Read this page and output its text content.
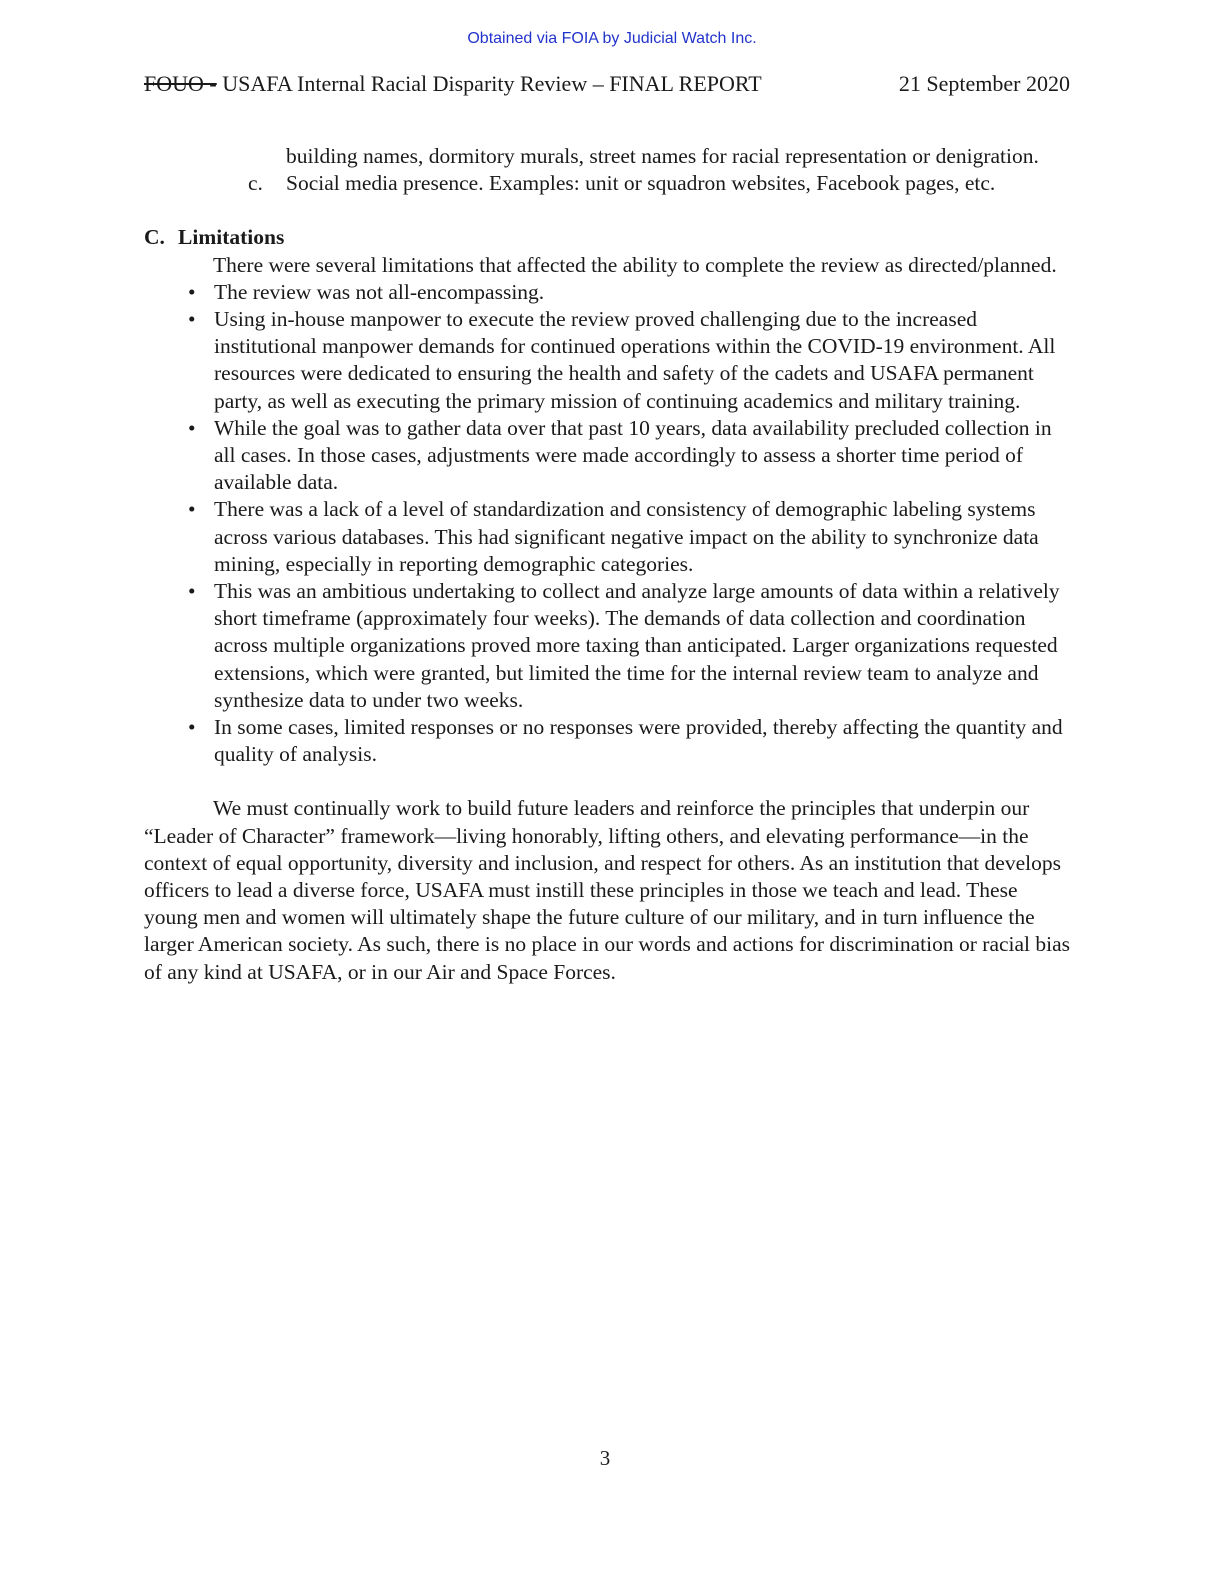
Obtained via FOIA by Judicial Watch Inc.
FOUO - USAFA Internal Racial Disparity Review – FINAL REPORT	21 September 2020
building names, dormitory murals, street names for racial representation or denigration.
c. Social media presence. Examples: unit or squadron websites, Facebook pages, etc.
C. Limitations

There were several limitations that affected the ability to complete the review as directed/planned.

• The review was not all-encompassing.
• Using in-house manpower to execute the review proved challenging due to the increased institutional manpower demands for continued operations within the COVID-19 environment. All resources were dedicated to ensuring the health and safety of the cadets and USAFA permanent party, as well as executing the primary mission of continuing academics and military training.
• While the goal was to gather data over that past 10 years, data availability precluded collection in all cases. In those cases, adjustments were made accordingly to assess a shorter time period of available data.
• There was a lack of a level of standardization and consistency of demographic labeling systems across various databases. This had significant negative impact on the ability to synchronize data mining, especially in reporting demographic categories.
• This was an ambitious undertaking to collect and analyze large amounts of data within a relatively short timeframe (approximately four weeks). The demands of data collection and coordination across multiple organizations proved more taxing than anticipated. Larger organizations requested extensions, which were granted, but limited the time for the internal review team to analyze and synthesize data to under two weeks.
• In some cases, limited responses or no responses were provided, thereby affecting the quantity and quality of analysis.

We must continually work to build future leaders and reinforce the principles that underpin our “Leader of Character” framework—living honorably, lifting others, and elevating performance—in the context of equal opportunity, diversity and inclusion, and respect for others. As an institution that develops officers to lead a diverse force, USAFA must instill these principles in those we teach and lead. These young men and women will ultimately shape the future culture of our military, and in turn influence the larger American society. As such, there is no place in our words and actions for discrimination or racial bias of any kind at USAFA, or in our Air and Space Forces.

3
